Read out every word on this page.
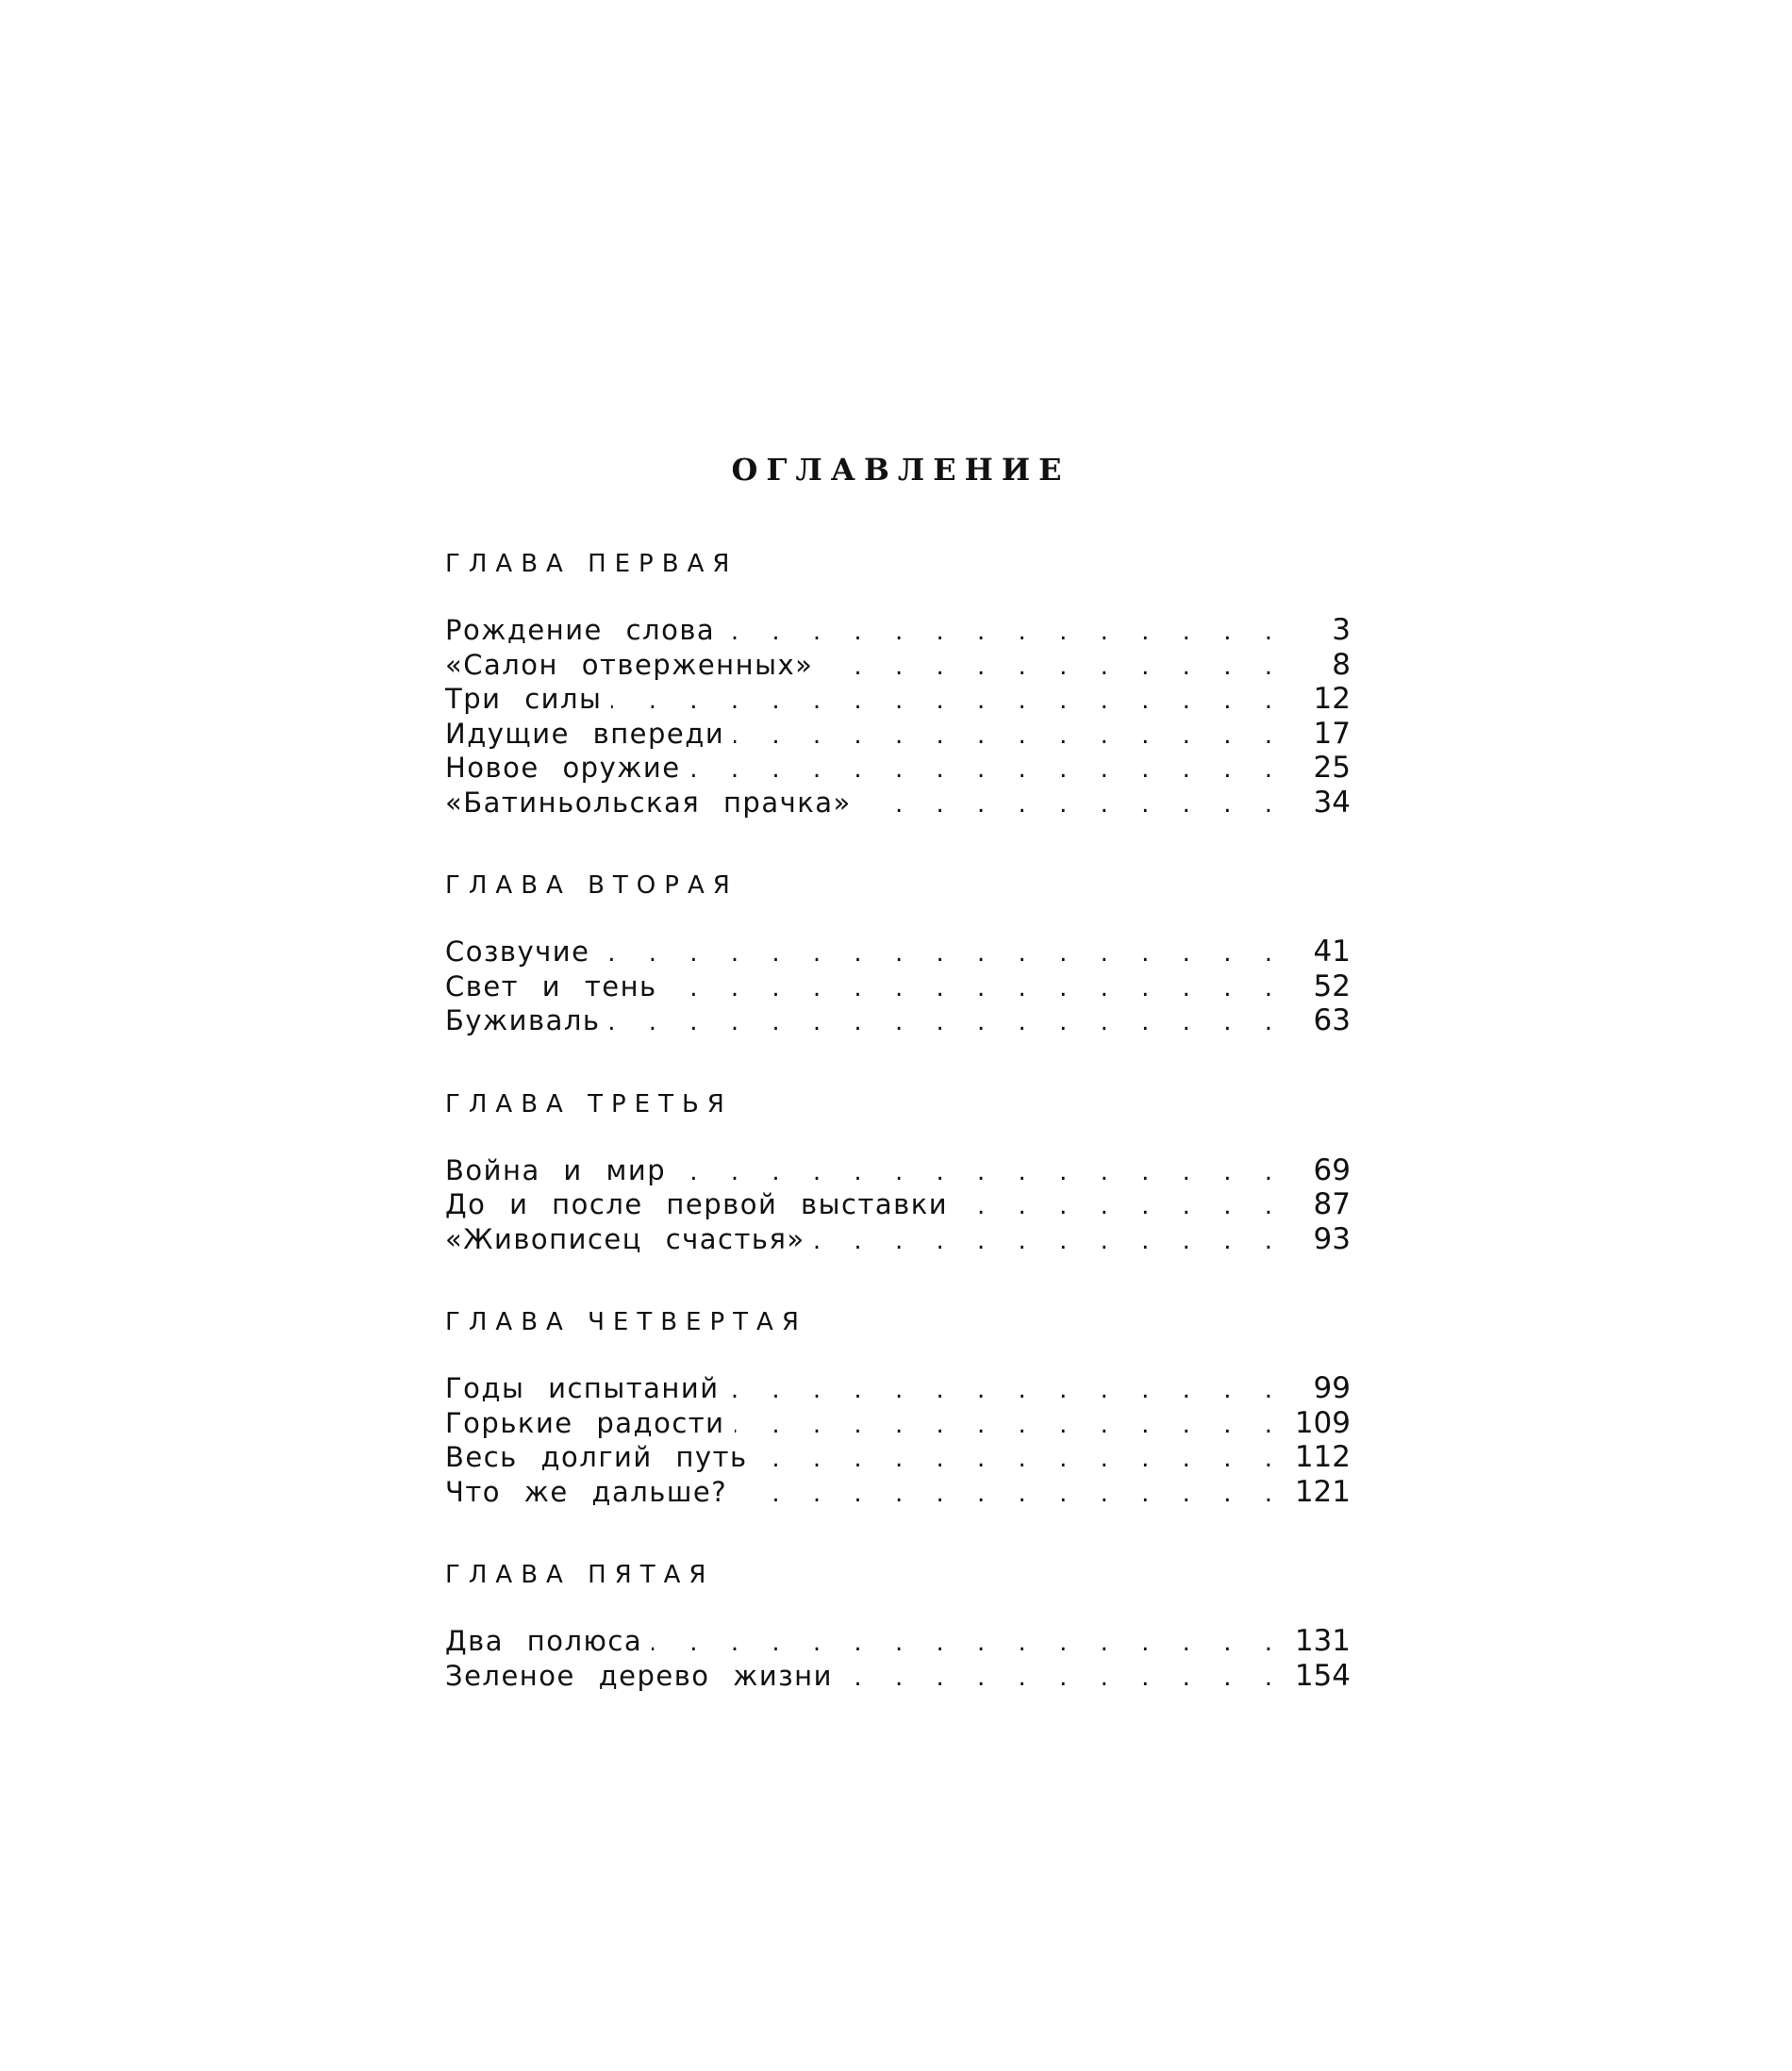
ОГЛАВЛЕНИЕ
ГЛАВА ПЕРВАЯ
Рождение слова . . .	3
«Салон отверженных» . . .	8
Три силы . . .	12
Идущие впереди . . .	17
Новое оружие . . .	25
«Батиньольская прачка» . . .	34
ГЛАВА ВТОРАЯ
Созвучие . . .	41
Свет и тень . . .	52
Буживаль . . .	63
ГЛАВА ТРЕТЬЯ
Война и мир . . .	69
До и после первой выставки . . .	87
«Живописец счастья» . . .	93
ГЛАВА ЧЕТВЕРТАЯ
Годы испытаний . . .	99
Горькие радости . . .	109
Весь долгий путь . . .	112
Что же дальше? . . .	121
ГЛАВА ПЯТАЯ
Два полюса . . .	131
Зеленое дерево жизни . . .	154
